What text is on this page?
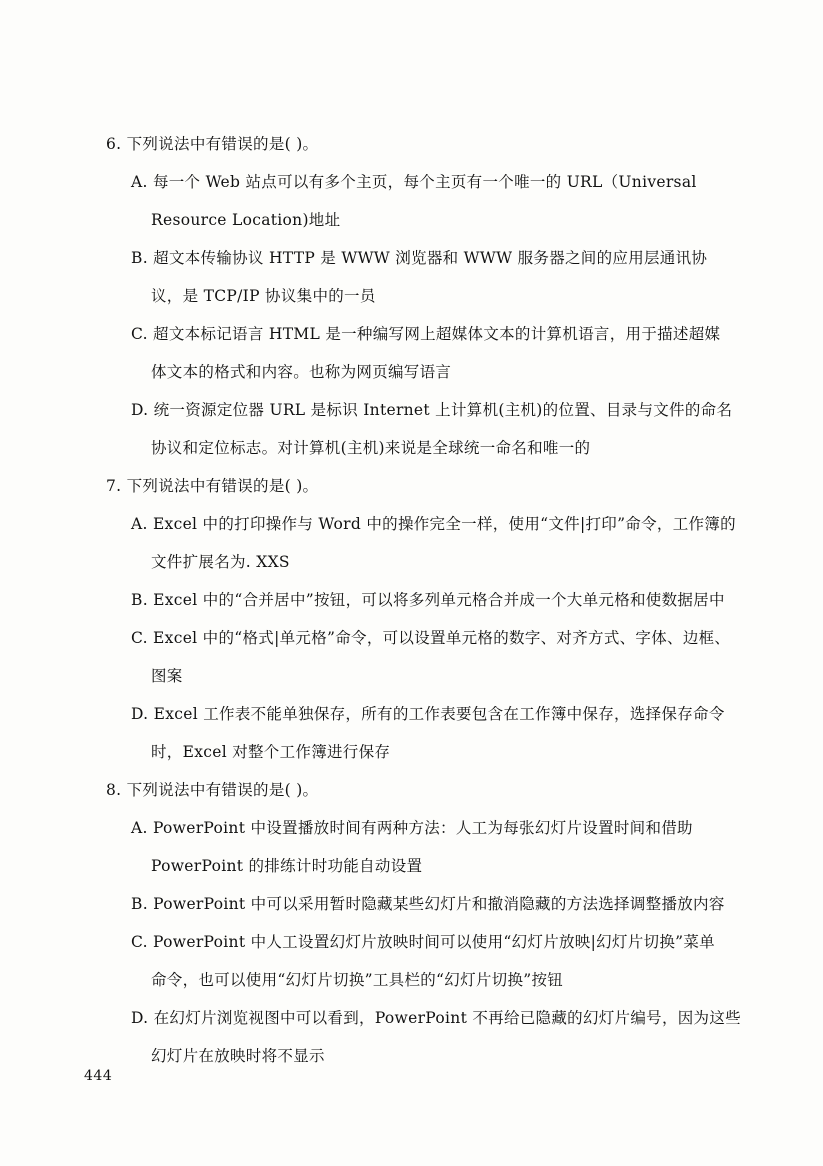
6. 下列说法中有错误的是( )。
A. 每一个 Web 站点可以有多个主页，每个主页有一个唯一的 URL（Universal
Resource Location)地址
B. 超文本传输协议 HTTP 是 WWW 浏览器和 WWW 服务器之间的应用层通讯协
议，是 TCP/IP 协议集中的一员
C. 超文本标记语言 HTML 是一种编写网上超媒体文本的计算机语言，用于描述超媒
体文本的格式和内容。也称为网页编写语言
D. 统一资源定位器 URL 是标识 Internet 上计算机(主机)的位置、目录与文件的命名
协议和定位标志。对计算机(主机)来说是全球统一命名和唯一的
7. 下列说法中有错误的是( )。
A. Excel 中的打印操作与 Word 中的操作完全一样，使用“文件|打印”命令，工作簿的
文件扩展名为. XXS
B. Excel 中的“合并居中”按钮，可以将多列单元格合并成一个大单元格和使数据居中
C. Excel 中的“格式|单元格”命令，可以设置单元格的数字、对齐方式、字体、边框、
图案
D. Excel 工作表不能单独保存，所有的工作表要包含在工作簿中保存，选择保存命令
时，Excel 对整个工作簿进行保存
8. 下列说法中有错误的是( )。
A. PowerPoint 中设置播放时间有两种方法：人工为每张幻灯片设置时间和借助
PowerPoint 的排练计时功能自动设置
B. PowerPoint 中可以采用暂时隐藏某些幻灯片和撤消隐藏的方法选择调整播放内容
C. PowerPoint 中人工设置幻灯片放映时间可以使用“幻灯片放映|幻灯片切换”菜单
命令，也可以使用“幻灯片切换”工具栏的“幻灯片切换”按钮
D. 在幻灯片浏览视图中可以看到，PowerPoint 不再给已隐藏的幻灯片编号，因为这些
幻灯片在放映时将不显示
444
